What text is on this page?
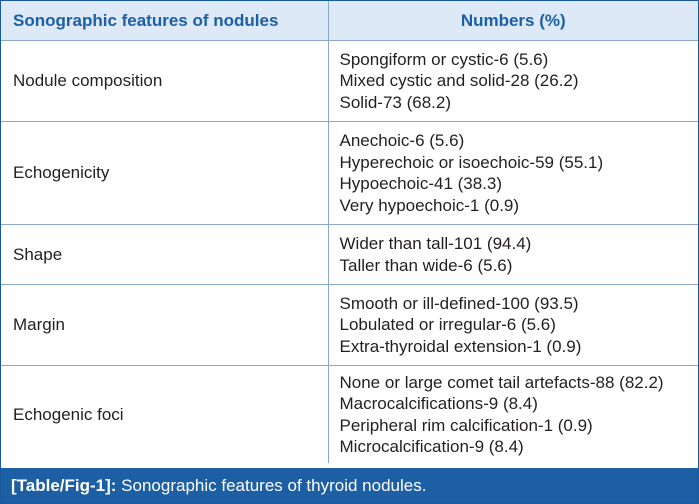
Sonographic features of nodules	Numbers (%)
Nodule composition	Spongiform or cystic-6 (5.6)
Mixed cystic and solid-28 (26.2)
Solid-73 (68.2)

Echogenicity	Anechoic-6 (5.6)
Hyperechoic or isoechoic-59 (55.1)
Hypoechoic-41 (38.3)
Very hypoechoic-1 (0.9)

Shape	Wider than tall-101 (94.4)
Taller than wide-6 (5.6)

Margin	Smooth or ill-defined-100 (93.5)
Lobulated or irregular-6 (5.6)
Extra-thyroidal extension-1 (0.9)

Echogenic foci	None or large comet tail artefacts-88 (82.2)
Macrocalcifications-9 (8.4)
Peripheral rim calcification-1 (0.9)
Microcalcification-9 (8.4)
[Table/Fig-1]: Sonographic features of thyroid nodules.
